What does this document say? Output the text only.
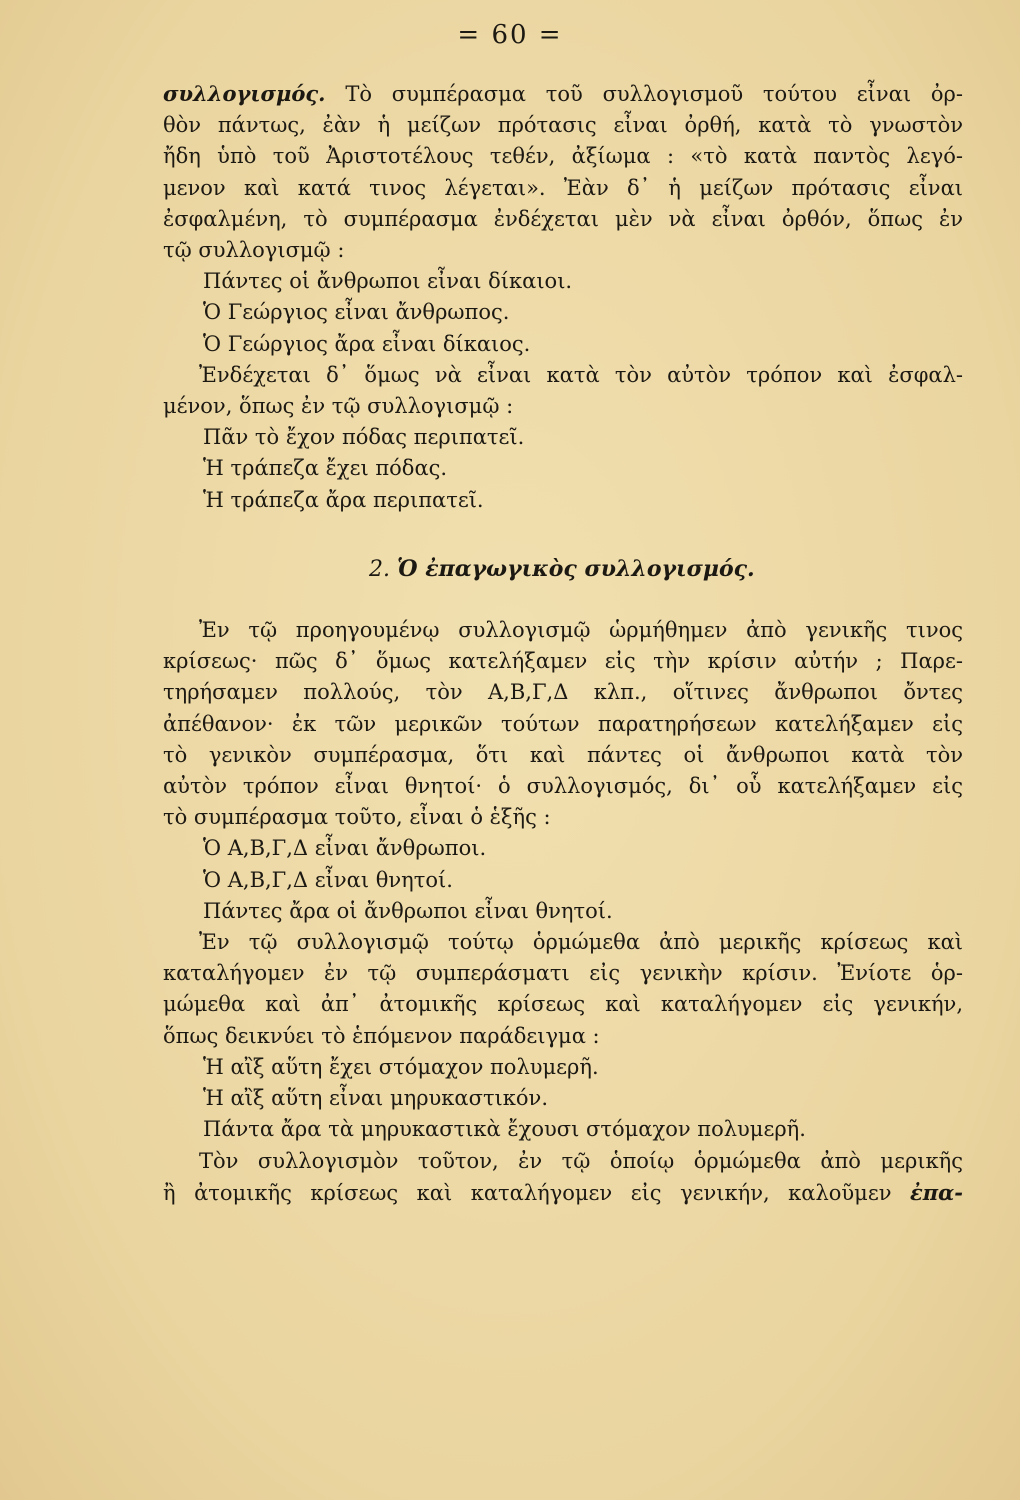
= 60 =

συλλογισμός. Τὸ συμπέρασμα τοῦ συλλογισμοῦ τούτου εἶναι ὀρ-

θὸν πάντως, ἐὰν ἡ μείζων πρότασις εἶναι ὀρθή, κατὰ τὸ γνωστὸν

ἤδη ὑπὸ τοῦ Ἀριστοτέλους τεθέν, ἀξίωμα : «τὸ κατὰ παντὸς λεγό-

μενον καὶ κατά τινος λέγεται». Ἐὰν δ᾿ ἡ μείζων πρότασις εἶναι

ἐσφαλμένη, τὸ συμπέρασμα ἐνδέχεται μὲν νὰ εἶναι ὀρθόν, ὅπως ἐν

τῷ συλλογισμῷ :

Πάντες οἱ ἄνθρωποι εἶναι δίκαιοι.

Ὁ Γεώργιος εἶναι ἄνθρωπος.

Ὁ Γεώργιος ἄρα εἶναι δίκαιος.

Ἐνδέχεται δ᾿ ὅμως νὰ εἶναι κατὰ τὸν αὐτὸν τρόπον καὶ ἐσφαλ-

μένον, ὅπως ἐν τῷ συλλογισμῷ :

Πᾶν τὸ ἔχον πόδας περιπατεῖ.

Ἡ τράπεζα ἔχει πόδας.

Ἡ τράπεζα ἄρα περιπατεῖ.

2. Ὁ ἐπαγωγικὸς συλλογισμός.

Ἐν τῷ προηγουμένῳ συλλογισμῷ ὡρμήθημεν ἀπὸ γενικῆς τινος

κρίσεως· πῶς δ᾿ ὅμως κατελήξαμεν εἰς τὴν κρίσιν αὐτήν ; Παρε-

τηρήσαμεν πολλούς, τὸν Α,Β,Γ,Δ κλπ., οἵτινες ἄνθρωποι ὄντες

ἀπέθανον· ἐκ τῶν μερικῶν τούτων παρατηρήσεων κατελήξαμεν εἰς

τὸ γενικὸν συμπέρασμα, ὅτι καὶ πάντες οἱ ἄνθρωποι κατὰ τὸν

αὐτὸν τρόπον εἶναι θνητοί· ὁ συλλογισμός, δι᾿ οὗ κατελήξαμεν εἰς

τὸ συμπέρασμα τοῦτο, εἶναι ὁ ἑξῆς :

Ὁ Α,Β,Γ,Δ εἶναι ἄνθρωποι.

Ὁ Α,Β,Γ,Δ εἶναι θνητοί.

Πάντες ἄρα οἱ ἄνθρωποι εἶναι θνητοί.

Ἐν τῷ συλλογισμῷ τούτῳ ὁρμώμεθα ἀπὸ μερικῆς κρίσεως καὶ

καταλήγομεν ἐν τῷ συμπεράσματι εἰς γενικὴν κρίσιν. Ἐνίοτε ὁρ-

μώμεθα καὶ ἀπ᾿ ἀτομικῆς κρίσεως καὶ καταλήγομεν εἰς γενικήν,

ὅπως δεικνύει τὸ ἑπόμενον παράδειγμα :

Ἡ αἲξ αὕτη ἔχει στόμαχον πολυμερῆ.

Ἡ αἲξ αὕτη εἶναι μηρυκαστικόν.

Πάντα ἄρα τὰ μηρυκαστικὰ ἔχουσι στόμαχον πολυμερῆ.

Τὸν συλλογισμὸν τοῦτον, ἐν τῷ ὁποίῳ ὁρμώμεθα ἀπὸ μερικῆς

ἢ ἀτομικῆς κρίσεως καὶ καταλήγομεν εἰς γενικήν, καλοῦμεν ἐπα-
